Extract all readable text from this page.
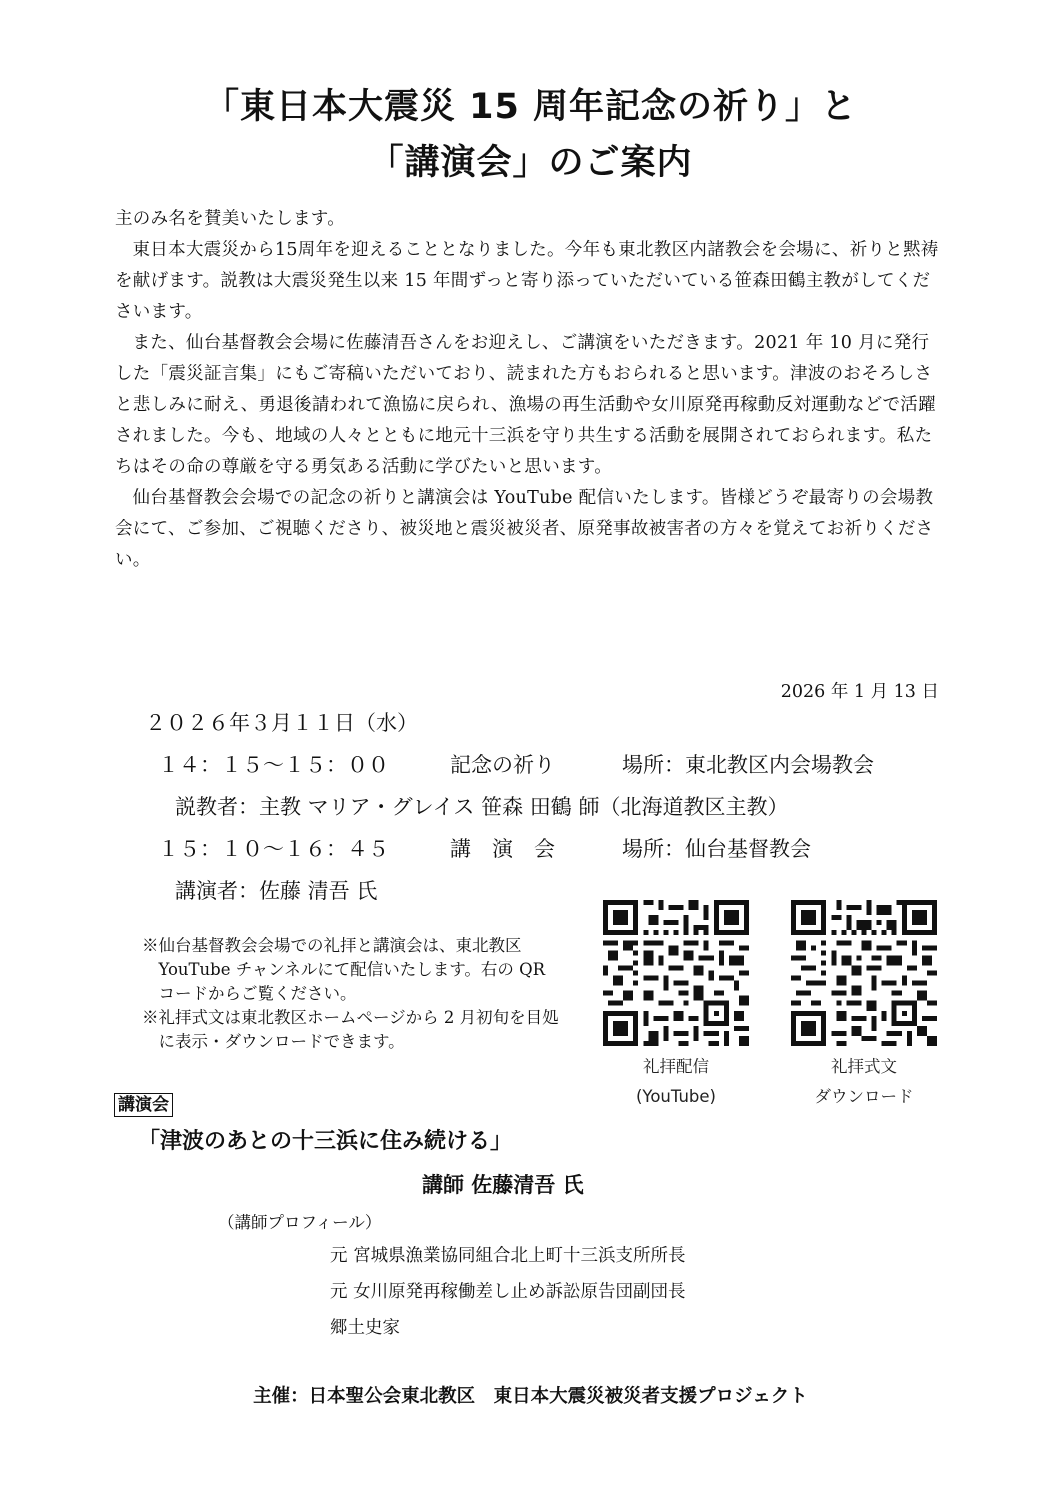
「東日本大震災 15 周年記念の祈り」と
「講演会」のご案内

主のみ名を賛美いたします。

東日本大震災から15周年を迎えることとなりました。今年も東北教区内諸教会を会場に、祈りと黙祷を献げます。説教は大震災発生以来 15 年間ずっと寄り添っていただいている笹森田鶴主教がしてくださいます。

また、仙台基督教会会場に佐藤清吾さんをお迎えし、ご講演をいただきます。2021 年 10 月に発行した「震災証言集」にもご寄稿いただいており、読まれた方もおられると思います。津波のおそろしさと悲しみに耐え、勇退後請われて漁協に戻られ、漁場の再生活動や女川原発再稼動反対運動などで活躍されました。今も、地域の人々とともに地元十三浜を守り共生する活動を展開されておられます。私たちはその命の尊厳を守る勇気ある活動に学びたいと思います。

仙台基督教会会場での記念の祈りと講演会は YouTube 配信いたします。皆様どうぞ最寄りの会場教会にて、ご参加、ご視聴くださり、被災地と震災被災者、原発事故被害者の方々を覚えてお祈りください。

2026 年 1 月 13 日
２０２６年３月１１日（水）
１４：１５～１５：００	記念の祈り	場所：東北教区内会場教会
説教者：主教 マリア・グレイス 笹森 田鶴 師（北海道教区主教）
１５：１０～１６：４５	講　演　会	場所：仙台基督教会
講演者：佐藤 清吾 氏

※仙台基督教会会場での礼拝と講演会は、東北教区 YouTube チャンネルにて配信いたします。右の QR コードからご覧ください。

※礼拝式文は東北教区ホームページから 2 月初旬を目処に表示・ダウンロードできます。

礼拝配信
(YouTube)
礼拝式文
ダウンロード
講演会
「津波のあとの十三浜に住み続ける」
講師 佐藤清吾 氏
（講師プロフィール）
元 宮城県漁業協同組合北上町十三浜支所所長
元 女川原発再稼働差し止め訴訟原告団副団長
郷土史家
主催：日本聖公会東北教区　東日本大震災被災者支援プロジェクト
